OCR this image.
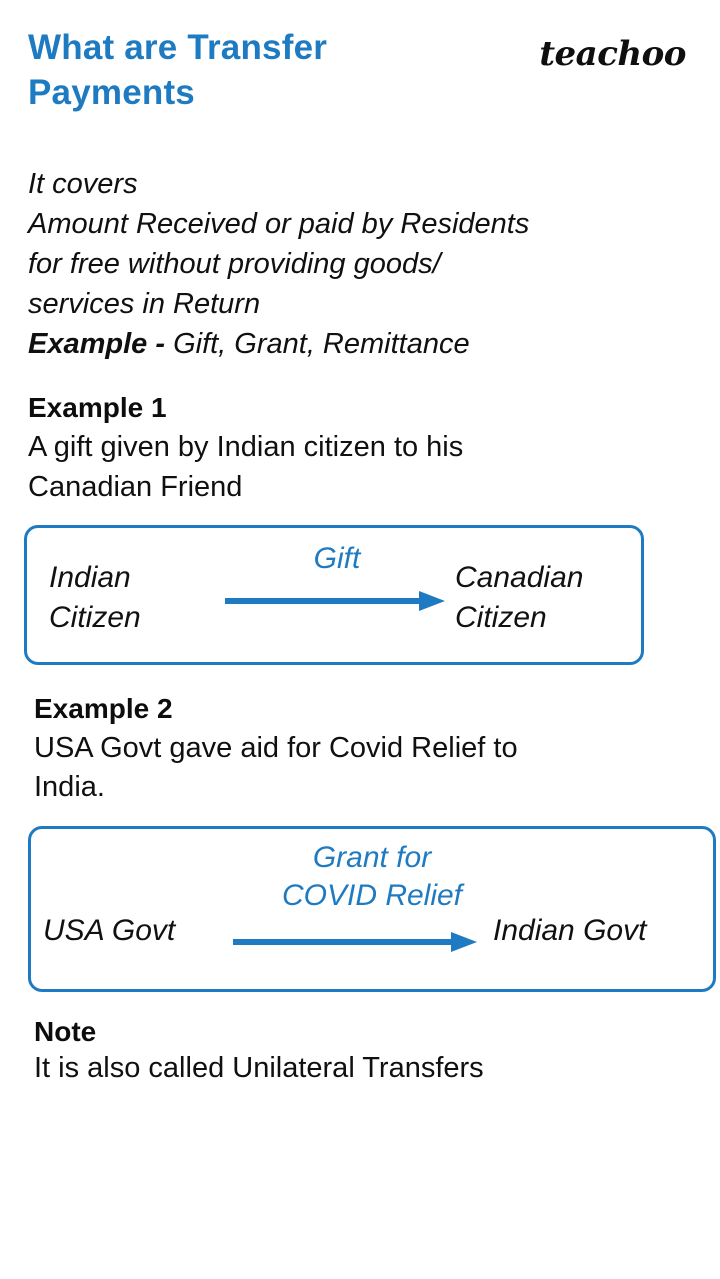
What are Transfer Payments
teachoo
It covers
Amount Received or paid by Residents
for free without providing goods/
services in Return
Example - Gift, Grant, Remittance
Example 1
A gift given by Indian citizen to his
Canadian Friend
Indian
Citizen
Gift
Canadian
Citizen
Example 2
USA Govt gave aid for Covid Relief to
India.
Grant for
COVID Relief
USA Govt	Indian Govt
Note
It is also called Unilateral Transfers
